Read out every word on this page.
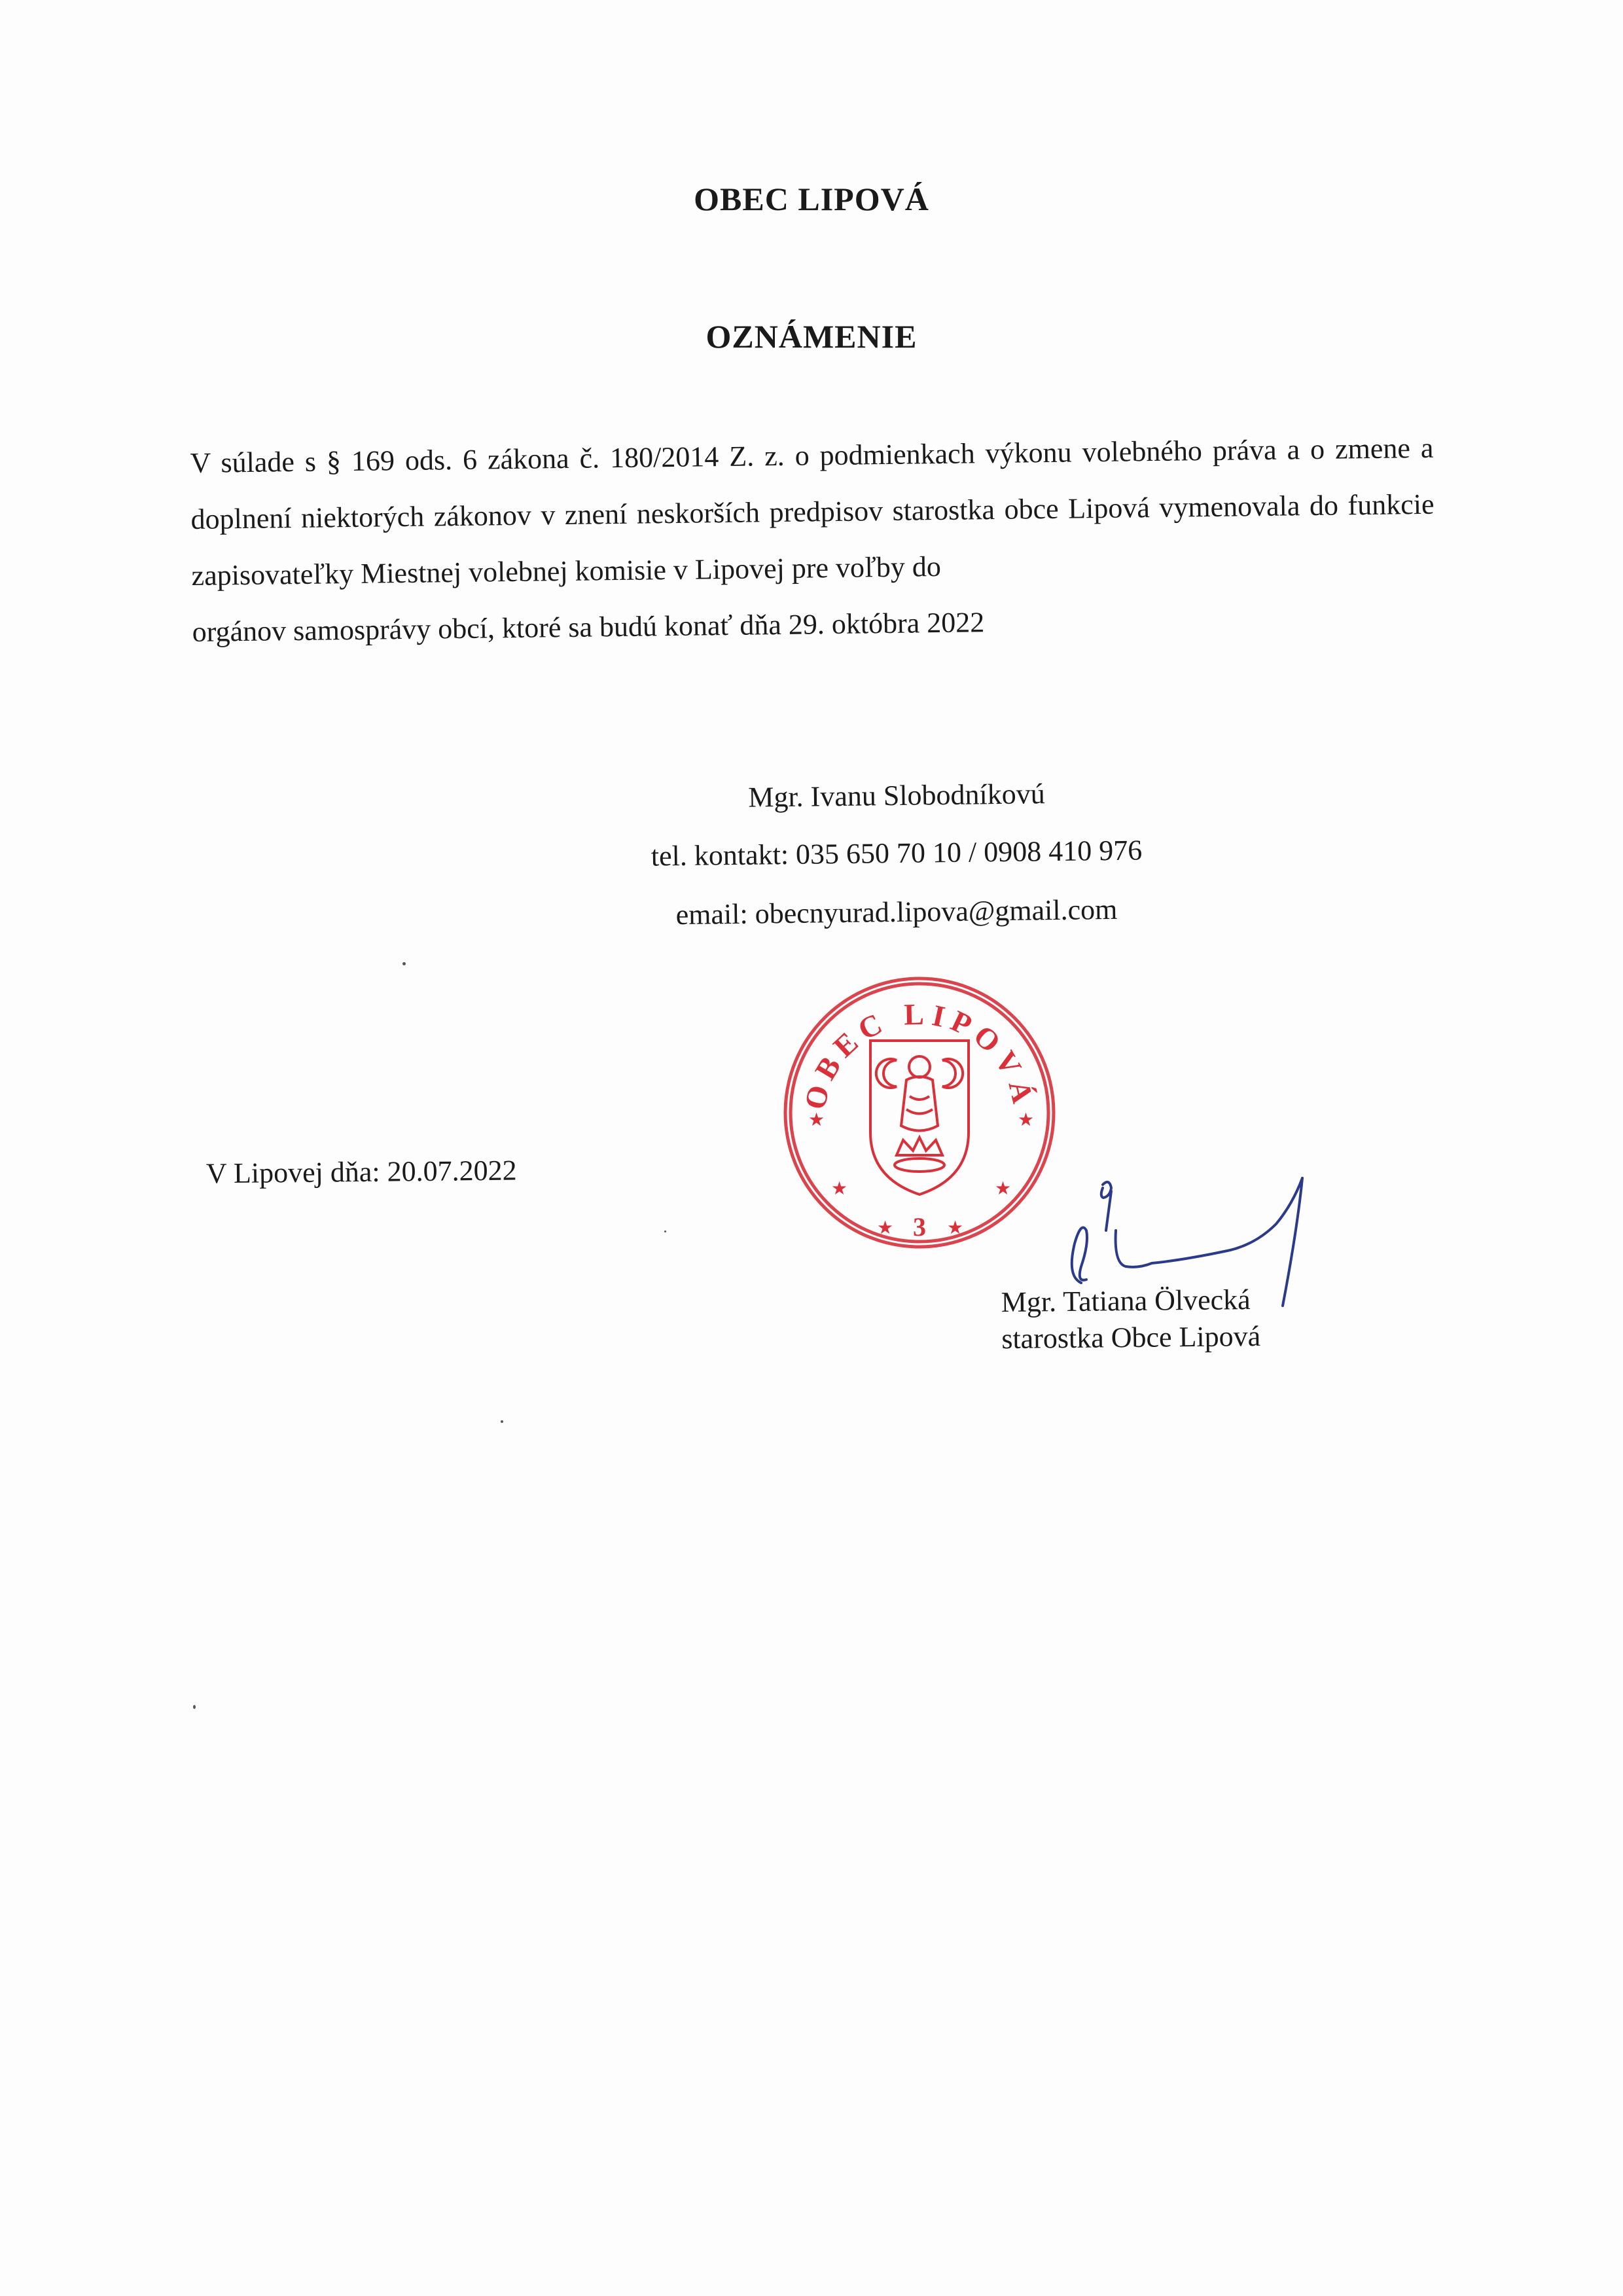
OBEC LIPOVÁ
OZNÁMENIE
V súlade s § 169 ods. 6 zákona č. 180/2014 Z. z. o podmienkach výkonu volebného práva a o zmene a doplnení niektorých zákonov v znení neskorších predpisov starostka obce Lipová vymenovala do funkcie zapisovateľky Miestnej volebnej komisie v Lipovej pre voľby do
orgánov samosprávy obcí, ktoré sa budú konať dňa 29. októbra 2022
Mgr. Ivanu Slobodníkovú
tel. kontakt: 035 650 70 10 / 0908 410 976
email: obecnyurad.lipova@gmail.com
OBEC LIPOVÁ
★	★
★	★
★	★
3
V Lipovej dňa: 20.07.2022
Mgr. Tatiana Ölvecká
starostka Obce Lipová
